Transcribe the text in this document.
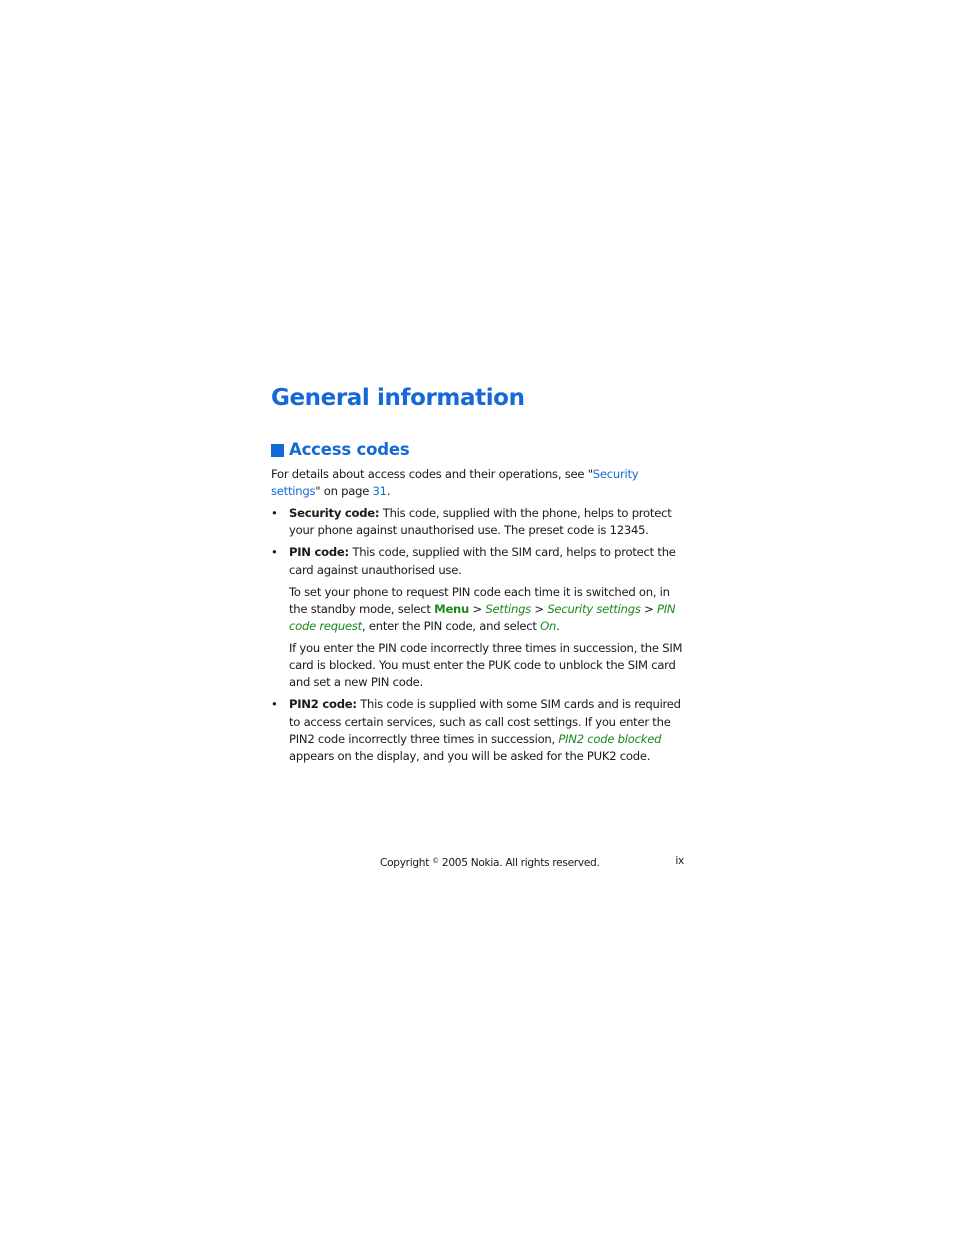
General information
Access codes

For details about access codes and their operations, see "Security settings" on page 31.

• Security code: This code, supplied with the phone, helps to protect your phone against unauthorised use. The preset code is 12345.

• PIN code: This code, supplied with the SIM card, helps to protect the card against unauthorised use.

To set your phone to request PIN code each time it is switched on, in the standby mode, select Menu > Settings > Security settings > PIN code request, enter the PIN code, and select On.

If you enter the PIN code incorrectly three times in succession, the SIM card is blocked. You must enter the PUK code to unblock the SIM card and set a new PIN code.

• PIN2 code: This code is supplied with some SIM cards and is required to access certain services, such as call cost settings. If you enter the PIN2 code incorrectly three times in succession, PIN2 code blocked appears on the display, and you will be asked for the PUK2 code.

Copyright © 2005 Nokia. All rights reserved.	ix
